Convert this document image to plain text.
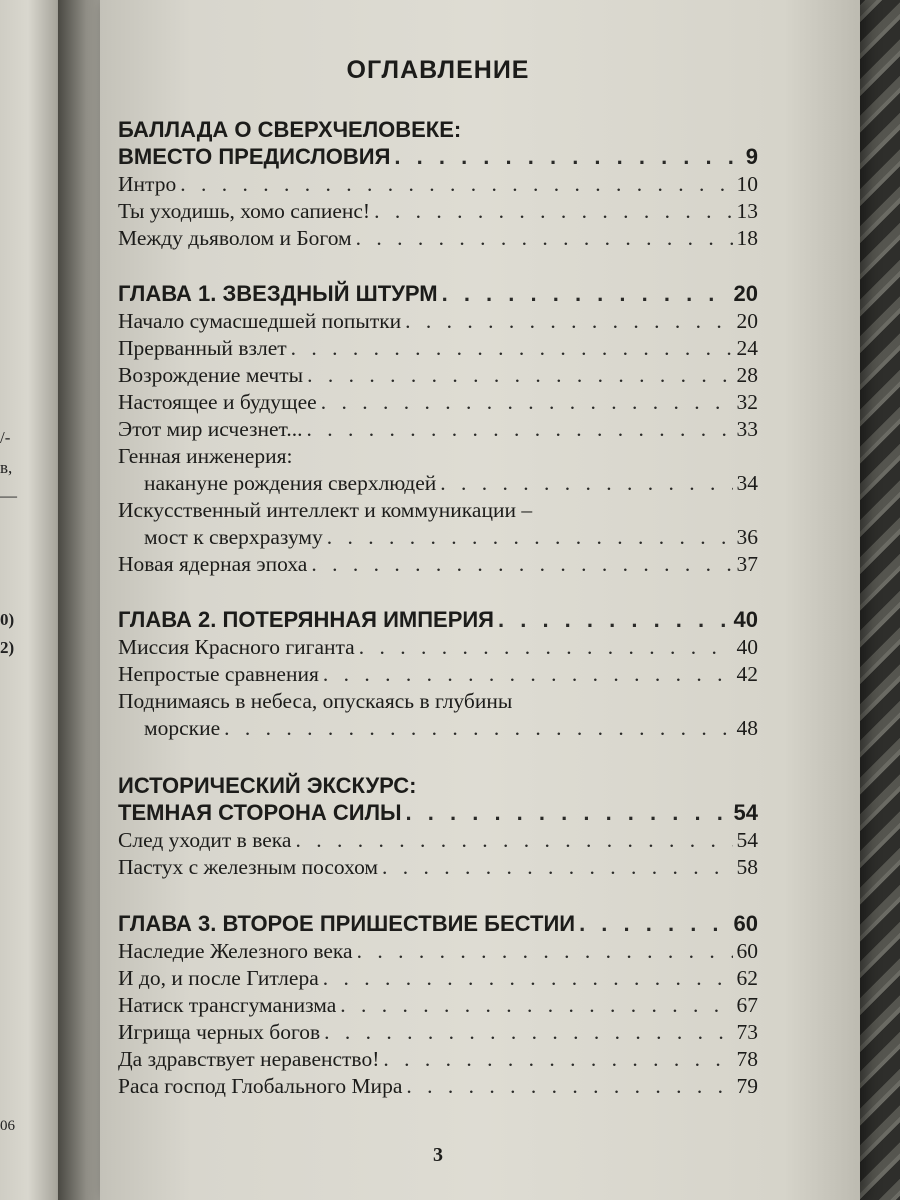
/-
в,
—
0)
2)
06
ОГЛАВЛЕНИЕ
3
БАЛЛАДА О СВЕРХЧЕЛОВЕКЕ:
ВМЕСТО ПРЕДИСЛОВИЯ . . .	9
Интро . . .	10
Ты уходишь, хомо сапиенс! . . .	13
Между дьяволом и Богом . . .	18
ГЛАВА 1. ЗВЕЗДНЫЙ ШТУРМ . . .	20
Начало сумасшедшей попытки . . .	20
Прерванный взлет . . .	24
Возрождение мечты . . .	28
Настоящее и будущее . . .	32
Этот мир исчезнет... . . .	33
Генная инженерия:
накануне рождения сверхлюдей . . .	34
Искусственный интеллект и коммуникации –
мост к сверхразуму . . .	36
Новая ядерная эпоха . . .	37
ГЛАВА 2. ПОТЕРЯННАЯ ИМПЕРИЯ . . .	40
Миссия Красного гиганта . . .	40
Непростые сравнения . . .	42
Поднимаясь в небеса, опускаясь в глубины
морские . . .	48
ИСТОРИЧЕСКИЙ ЭКСКУРС:
ТЕМНАЯ СТОРОНА СИЛЫ . . .	54
След уходит в века . . .	54
Пастух с железным посохом . . .	58
ГЛАВА 3. ВТОРОЕ ПРИШЕСТВИЕ БЕСТИИ . . .	60
Наследие Железного века . . .	60
И до, и после Гитлера . . .	62
Натиск трансгуманизма . . .	67
Игрища черных богов . . .	73
Да здравствует неравенство! . . .	78
Раса господ Глобального Мира . . .	79
